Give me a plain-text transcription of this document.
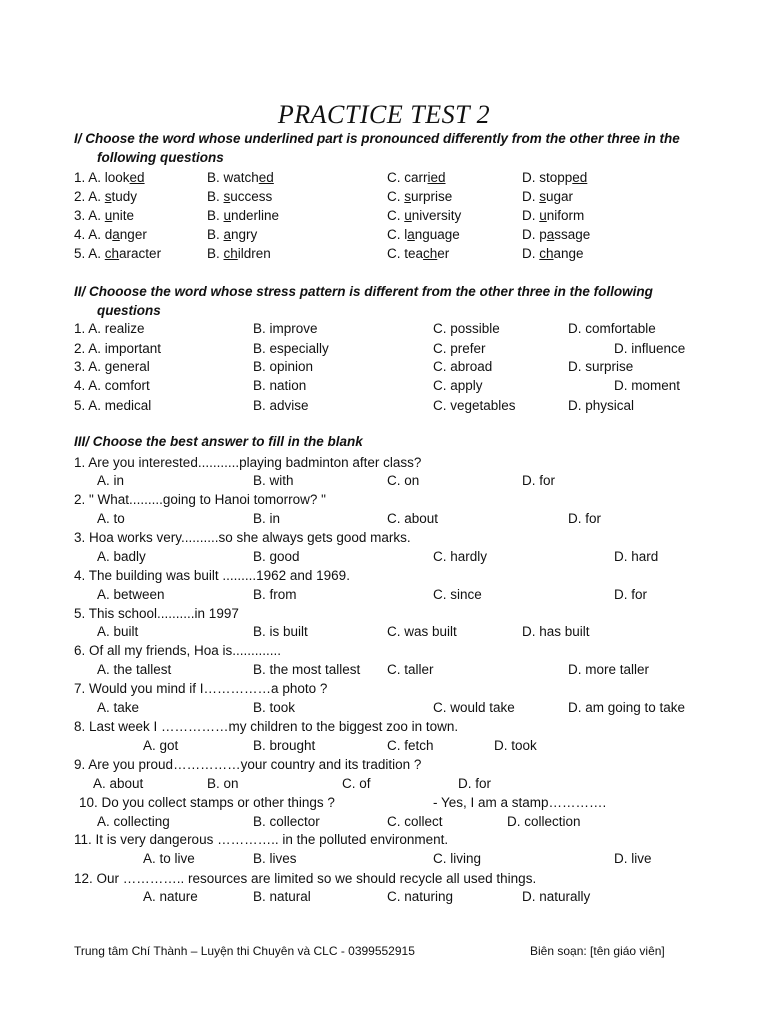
PRACTICE TEST 2
I/ Choose the word whose underlined part is pronounced differently from the other three in the
following questions
1. A. looked	B. watched	C. carried	D. stopped
2. A. study	B. success	C. surprise	D. sugar
3. A. unite	B. underline	C. university	D. uniform
4. A. danger	B. angry	C. language	D. passage
5. A. character	B. children	C. teacher	D. change
II/ Chooose the word whose stress pattern is different from the other three in the following
questions
1. A. realize	B. improve	C. possible	D. comfortable
2. A. important	B. especially	C. prefer	D. influence
3. A. general	B. opinion	C. abroad	D. surprise
4. A. comfort	B. nation	C. apply	D. moment
5. A. medical	B. advise	C. vegetables	D. physical
III/ Choose the best answer to fill in the blank
1. Are you interested...........playing badminton after class?
A. in	B. with	C. on	D. for
2. " What.........going to Hanoi tomorrow? "
A. to	B. in	C. about	D. for
3. Hoa works very..........so she always gets good marks.
A. badly	B. good	C. hardly	D. hard
4. The building was built .........1962 and 1969.
A. between	B. from	C. since	D. for
5. This school..........in 1997
A. built	B. is built	C. was built	D. has built
6. Of all my friends, Hoa is.............
A. the tallest	B. the most tallest C. taller	D. more taller
7. Would you mind if I……………a photo ?
A. take	B. took	C. would take	D. am going to take
8. Last week I ……………my children to the biggest zoo in town.
A. got	B. brought	C. fetch	D. took
9. Are you proud……………your country and its tradition ?
A. about	B. on	C. of	D. for
10. Do you collect stamps or other things ?	- Yes, I am a stamp………….
A. collecting	B. collector	C. collect	D. collection
11. It is very dangerous ………….. in the polluted environment.
A. to live	B. lives	C. living	D. live
12. Our ………….. resources are limited so we should recycle all used things.
A. nature	B. natural	C. naturing	D. naturally
Trung tâm Chí Thành – Luyện thi Chuyên và CLC - 0399552915	Biên soạn: [tên giáo viên]
